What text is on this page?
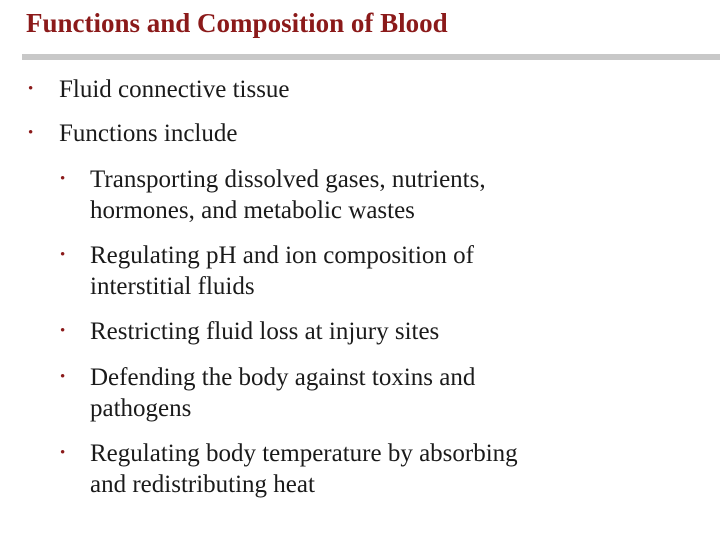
Functions and Composition of Blood
• Fluid connective tissue
• Functions include
• Transporting dissolved gases, nutrients,
hormones, and metabolic wastes
• Regulating pH and ion composition of
interstitial fluids
• Restricting fluid loss at injury sites
• Defending the body against toxins and
pathogens
• Regulating body temperature by absorbing
and redistributing heat
